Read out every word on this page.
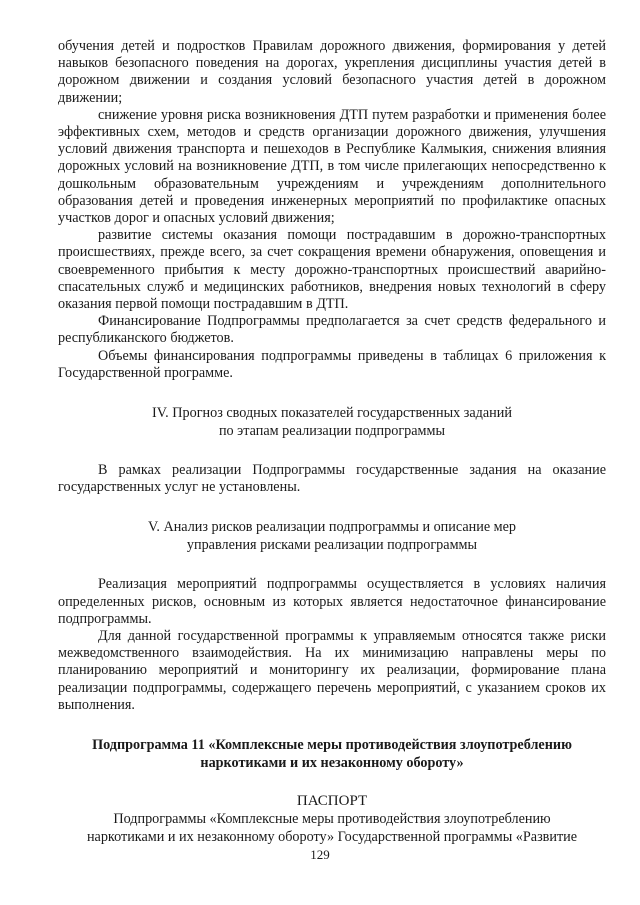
обучения детей и подростков Правилам дорожного движения, формирования у детей навыков безопасного поведения на дорогах, укрепления дисциплины участия детей в дорожном движении и создания условий безопасного участия детей в дорожном движении;

снижение уровня риска возникновения ДТП путем разработки и применения более эффективных схем, методов и средств организации дорожного движения, улучшения условий движения транспорта и пешеходов в Республике Калмыкия, снижения влияния дорожных условий на возникновение ДТП, в том числе прилегающих непосредственно к дошкольным образовательным учреждениям и учреждениям дополнительного образования детей и проведения инженерных мероприятий по профилактике опасных участков дорог и опасных условий движения;

развитие системы оказания помощи пострадавшим в дорожно-транспортных происшествиях, прежде всего, за счет сокращения времени обнаружения, оповещения и своевременного прибытия к месту дорожно-транспортных происшествий аварийно-спасательных служб и медицинских работников, внедрения новых технологий в сферу оказания первой помощи пострадавшим в ДТП.

Финансирование Подпрограммы предполагается за счет средств федерального и республиканского бюджетов.

Объемы финансирования подпрограммы приведены в таблицах 6 приложения к Государственной программе.

IV. Прогноз сводных показателей государственных заданий
по этапам реализации подпрограммы

В рамках реализации Подпрограммы государственные задания на оказание государственных услуг не установлены.

V. Анализ рисков реализации подпрограммы и описание мер
управления рисками реализации подпрограммы

Реализация мероприятий подпрограммы осуществляется в условиях наличия определенных рисков, основным из которых является недостаточное финансирование подпрограммы.

Для данной государственной программы к управляемым относятся также риски межведомственного взаимодействия. На их минимизацию направлены меры по планированию мероприятий и мониторингу их реализации, формирование плана реализации подпрограммы, содержащего перечень мероприятий, с указанием сроков их выполнения.

Подпрограмма 11 «Комплексные меры противодействия злоупотреблению
наркотиками и их незаконному обороту»
ПАСПОРТ
Подпрограммы «Комплексные меры противодействия злоупотреблению
наркотиками и их незаконному обороту» Государственной программы «Развитие
129
